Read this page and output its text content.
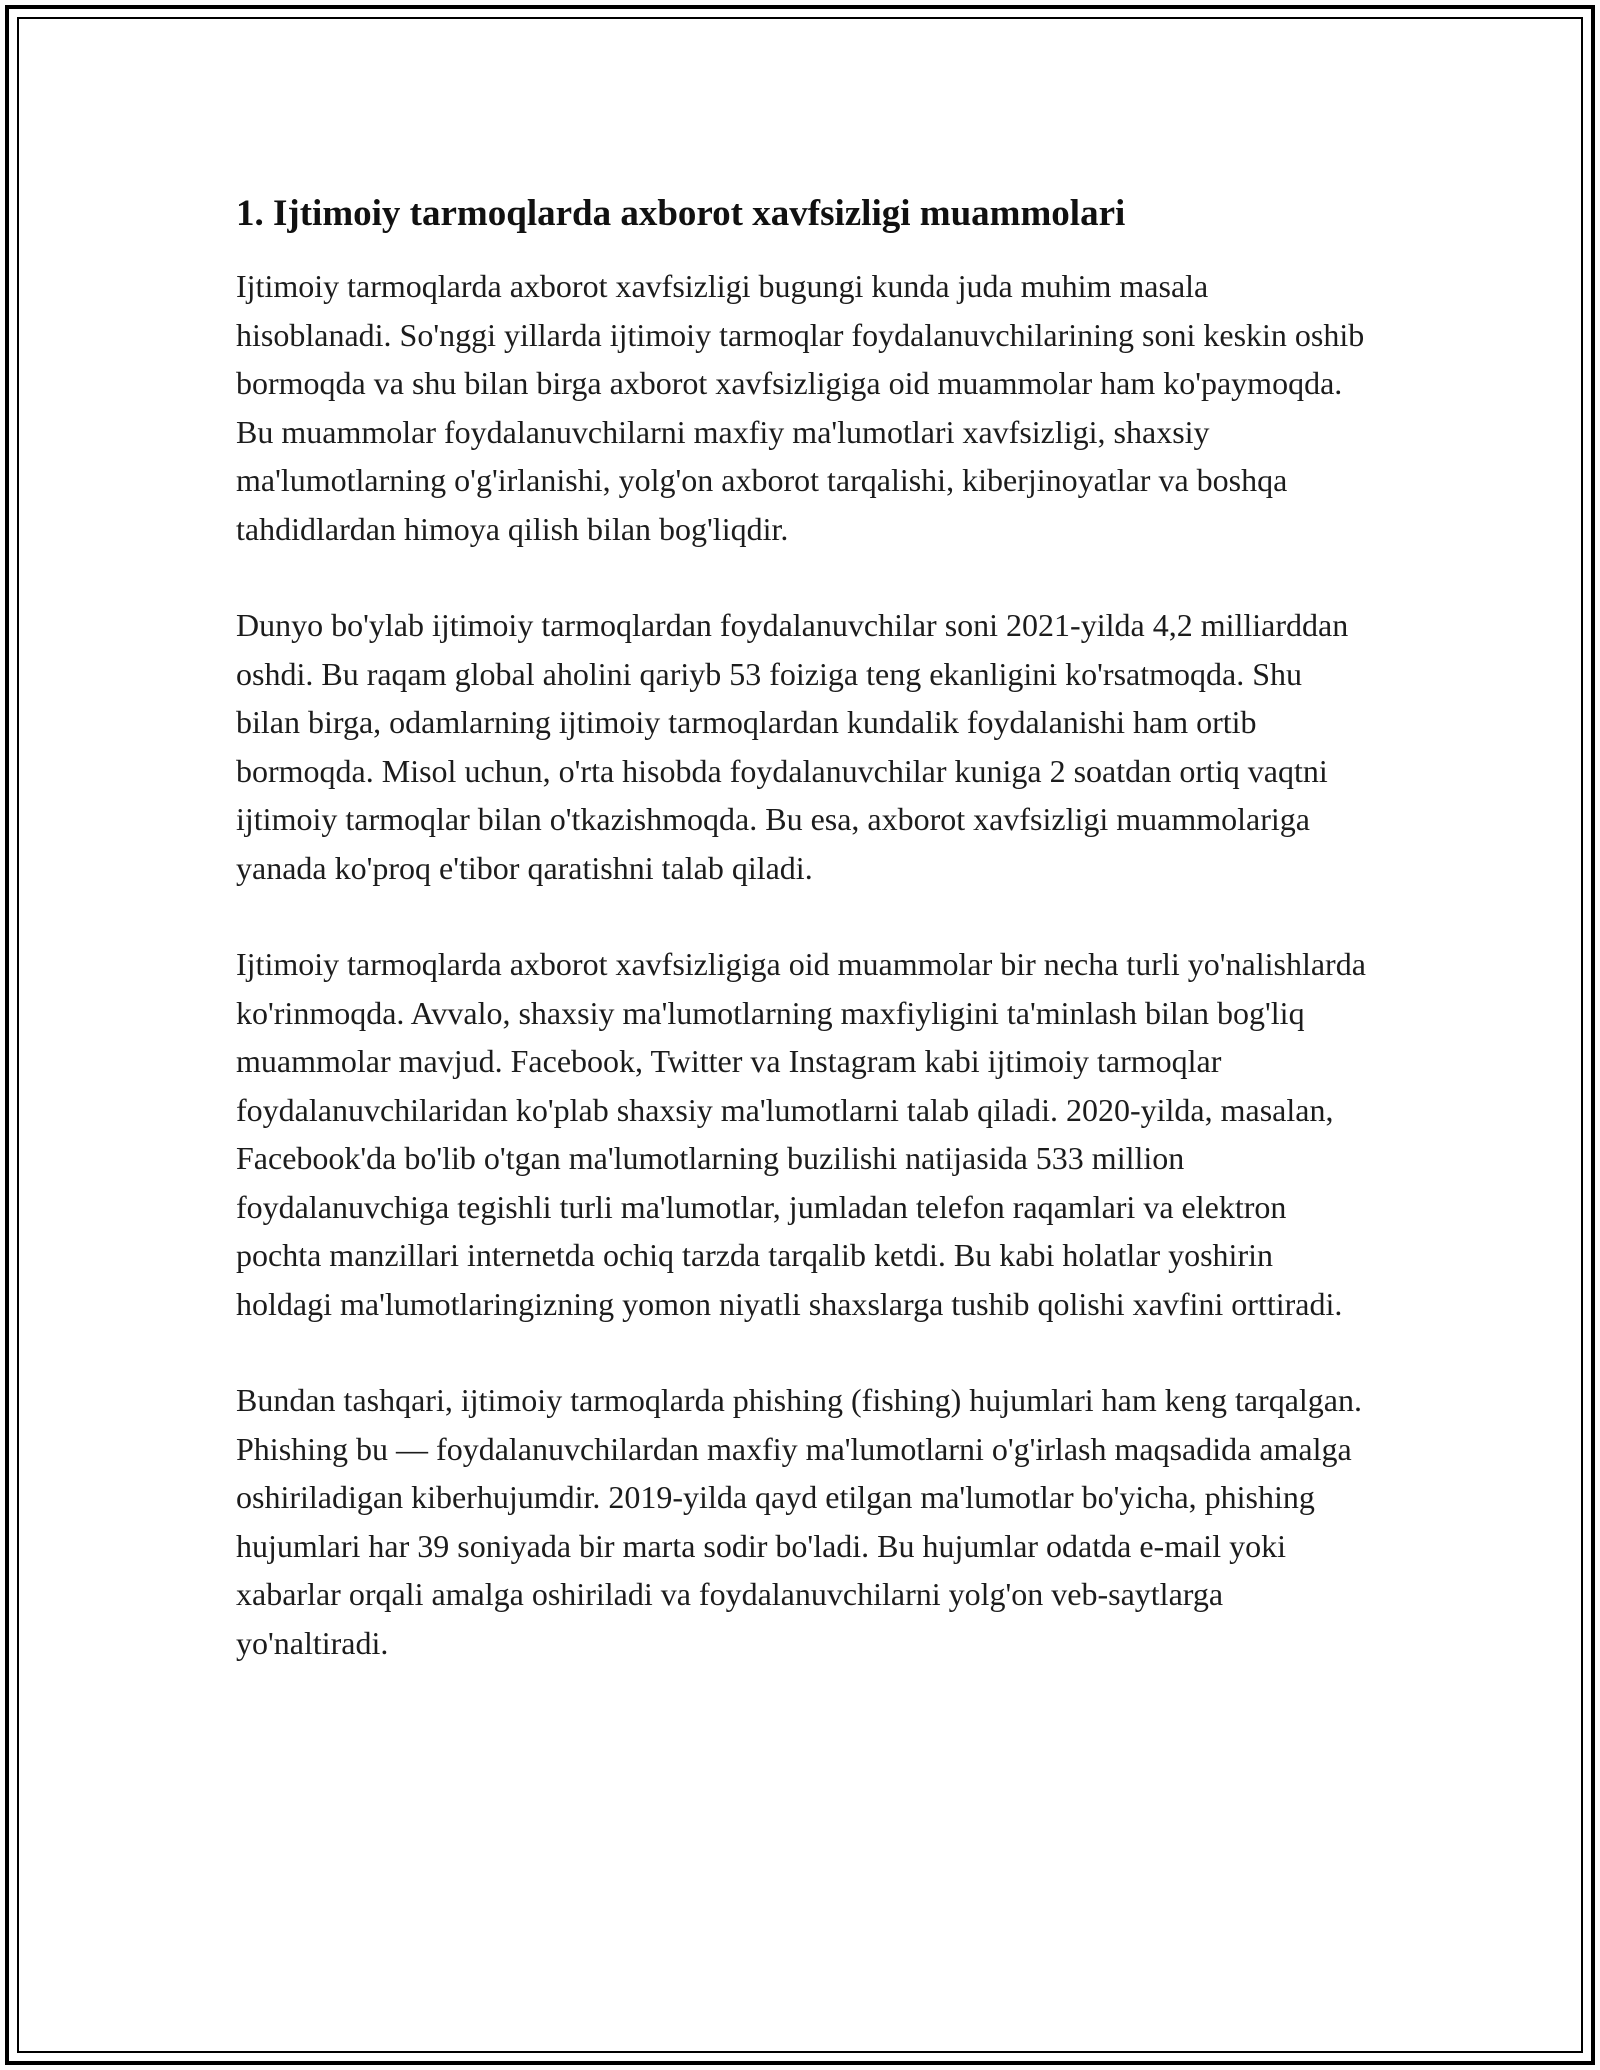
1. Ijtimoiy tarmoqlarda axborot xavfsizligi muammolari

Ijtimoiy tarmoqlarda axborot xavfsizligi bugungi kunda juda muhim masala hisoblanadi. So'nggi yillarda ijtimoiy tarmoqlar foydalanuvchilarining soni keskin oshib bormoqda va shu bilan birga axborot xavfsizligiga oid muammolar ham ko'paymoqda. Bu muammolar foydalanuvchilarni maxfiy ma'lumotlari xavfsizligi, shaxsiy ma'lumotlarning o'g'irlanishi, yolg'on axborot tarqalishi, kiberjinoyatlar va boshqa tahdidlardan himoya qilish bilan bog'liqdir.

Dunyo bo'ylab ijtimoiy tarmoqlardan foydalanuvchilar soni 2021-yilda 4,2 milliarddan oshdi. Bu raqam global aholini qariyb 53 foiziga teng ekanligini ko'rsatmoqda. Shu bilan birga, odamlarning ijtimoiy tarmoqlardan kundalik foydalanishi ham ortib bormoqda. Misol uchun, o'rta hisobda foydalanuvchilar kuniga 2 soatdan ortiq vaqtni ijtimoiy tarmoqlar bilan o'tkazishmoqda. Bu esa, axborot xavfsizligi muammolariga yanada ko'proq e'tibor qaratishni talab qiladi.

Ijtimoiy tarmoqlarda axborot xavfsizligiga oid muammolar bir necha turli yo'nalishlarda ko'rinmoqda. Avvalo, shaxsiy ma'lumotlarning maxfiyligini ta'minlash bilan bog'liq muammolar mavjud. Facebook, Twitter va Instagram kabi ijtimoiy tarmoqlar foydalanuvchilaridan ko'plab shaxsiy ma'lumotlarni talab qiladi. 2020-yilda, masalan, Facebook'da bo'lib o'tgan ma'lumotlarning buzilishi natijasida 533 million foydalanuvchiga tegishli turli ma'lumotlar, jumladan telefon raqamlari va elektron pochta manzillari internetda ochiq tarzda tarqalib ketdi. Bu kabi holatlar yoshirin holdagi ma'lumotlaringizning yomon niyatli shaxslarga tushib qolishi xavfini orttiradi.

Bundan tashqari, ijtimoiy tarmoqlarda phishing (fishing) hujumlari ham keng tarqalgan. Phishing bu — foydalanuvchilardan maxfiy ma'lumotlarni o'g'irlash maqsadida amalga oshiriladigan kiberhujumdir. 2019-yilda qayd etilgan ma'lumotlar bo'yicha, phishing hujumlari har 39 soniyada bir marta sodir bo'ladi. Bu hujumlar odatda e-mail yoki xabarlar orqali amalga oshiriladi va foydalanuvchilarni yolg'on veb-saytlarga yo'naltiradi.
